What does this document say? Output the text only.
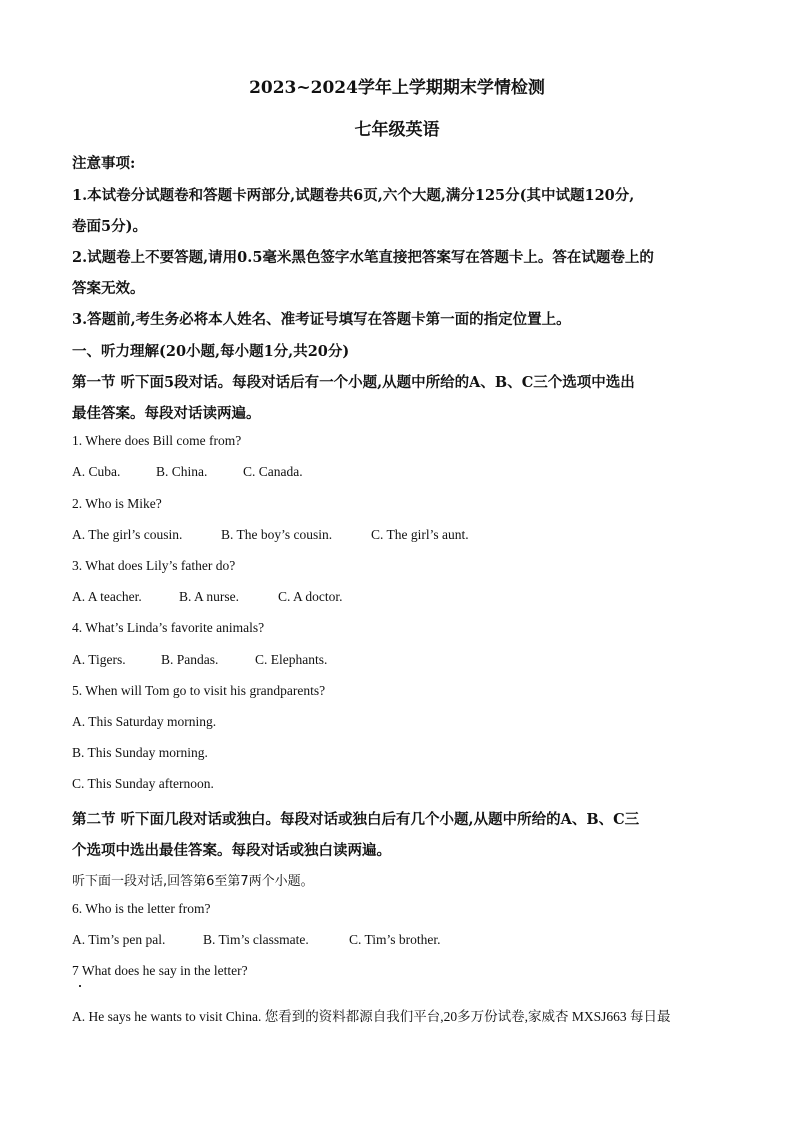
2023~2024学年上学期期末学情检测
七年级英语
注意事项:
1.本试卷分试题卷和答题卡两部分,试题卷共6页,六个大题,满分125分(其中试题120分,
卷面5分)。
2.试题卷上不要答题,请用0.5毫米黑色签字水笔直接把答案写在答题卡上。答在试题卷上的
答案无效。
3.答题前,考生务必将本人姓名、准考证号填写在答题卡第一面的指定位置上。
一、听力理解(20小题,每小题1分,共20分)
第一节 听下面5段对话。每段对话后有一个小题,从题中所给的A、B、C三个选项中选出
最佳答案。每段对话读两遍。
1. Where does Bill come from?
A. Cuba.	B. China.	C. Canada.
2. Who is Mike?
A. The girl’s cousin.	B. The boy’s cousin.	C. The girl’s aunt.
3. What does Lily’s father do?
A. A teacher.	B. A nurse.	C. A doctor.
4. What’s Linda’s favorite animals?
A. Tigers.	B. Pandas.	C. Elephants.
5. When will Tom go to visit his grandparents?
A. This Saturday morning.
B. This Sunday morning.
C. This Sunday afternoon.
第二节 听下面几段对话或独白。每段对话或独白后有几个小题,从题中所给的A、B、C三
个选项中选出最佳答案。每段对话或独白读两遍。
听下面一段对话,回答第6至第7两个小题。
6. Who is the letter from?
A. Tim’s pen pal.	B. Tim’s classmate.	C. Tim’s brother.
7 What does he say in the letter?
A. He says he wants to visit China. 您看到的资料都源自我们平台,20多万份试卷,家威杏 MXSJ663 每日最
